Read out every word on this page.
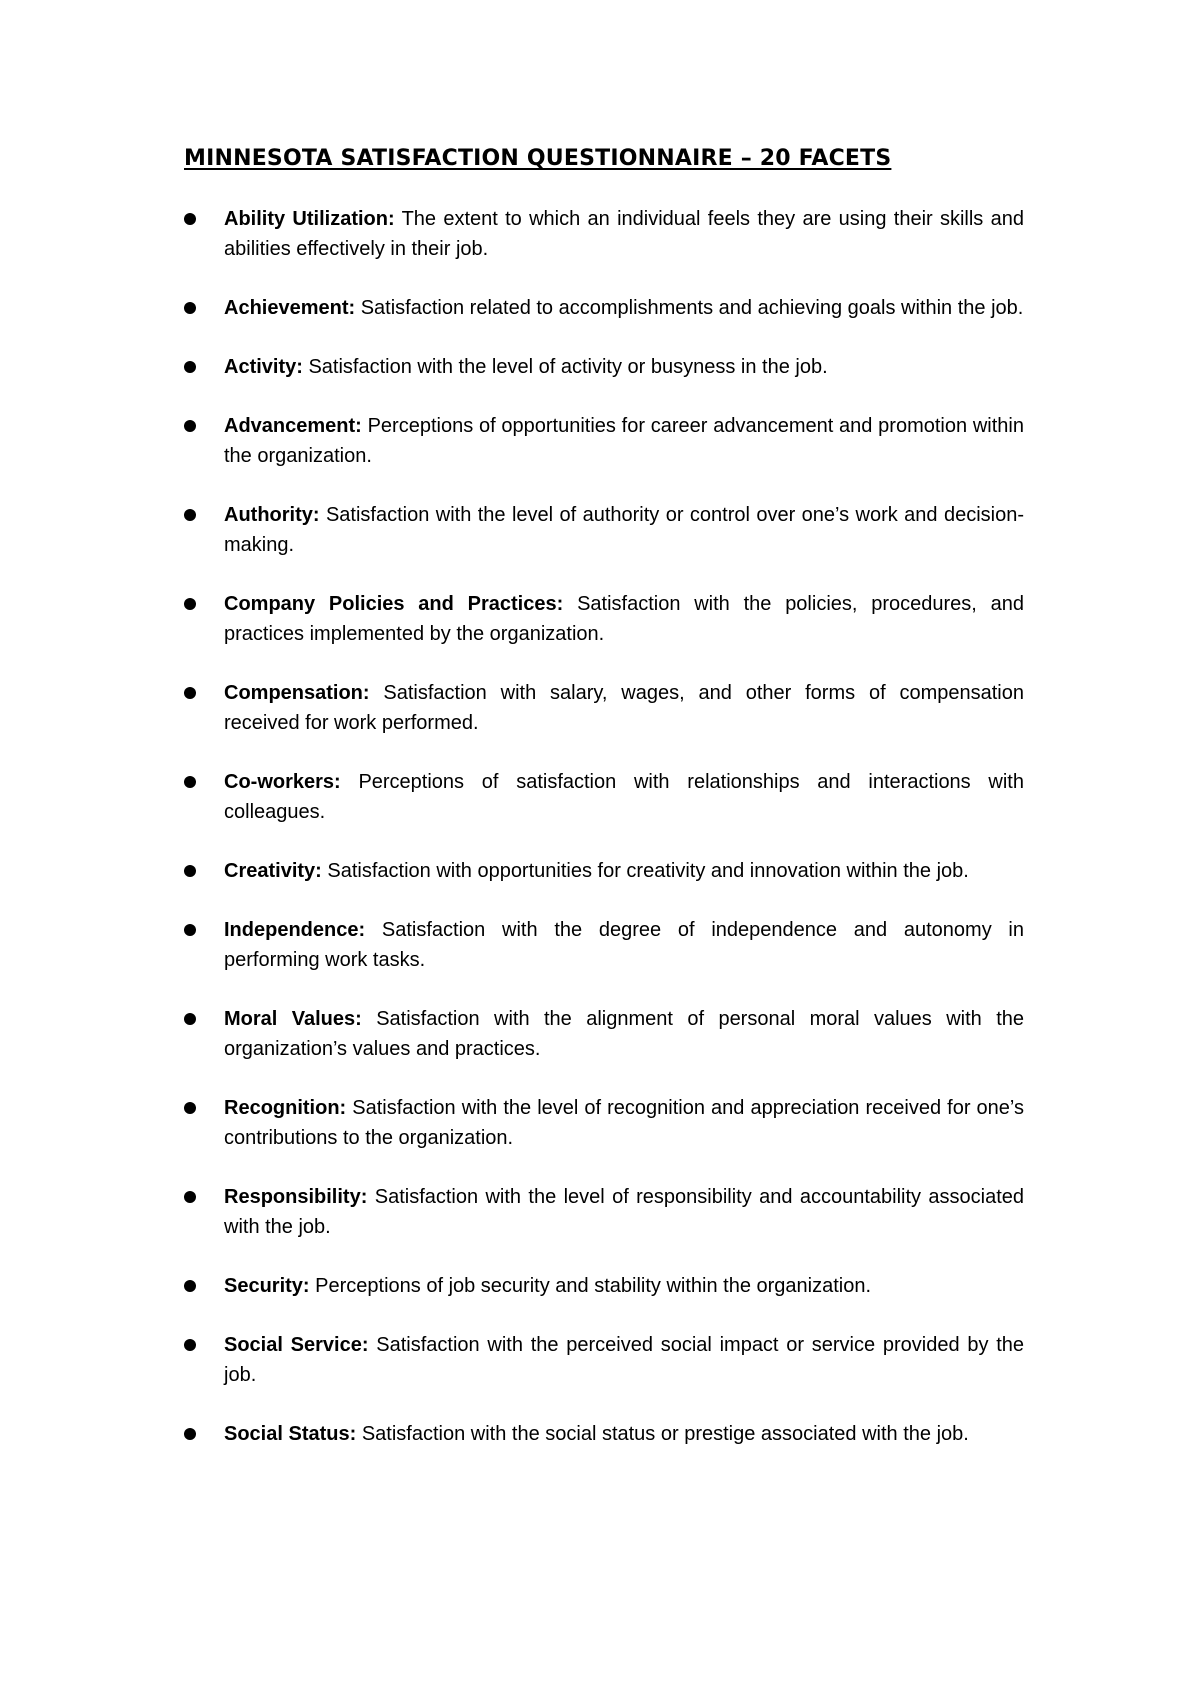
MINNESOTA SATISFACTION QUESTIONNAIRE – 20 FACETS
Ability Utilization: The extent to which an individual feels they are using their skills and abilities effectively in their job.
Achievement: Satisfaction related to accomplishments and achieving goals within the job.
Activity: Satisfaction with the level of activity or busyness in the job.
Advancement: Perceptions of opportunities for career advancement and promotion within the organization.
Authority: Satisfaction with the level of authority or control over one’s work and decision-making.
Company Policies and Practices: Satisfaction with the policies, procedures, and practices implemented by the organization.
Compensation: Satisfaction with salary, wages, and other forms of compensation received for work performed.
Co-workers: Perceptions of satisfaction with relationships and interactions with colleagues.
Creativity: Satisfaction with opportunities for creativity and innovation within the job.
Independence: Satisfaction with the degree of independence and autonomy in performing work tasks.
Moral Values: Satisfaction with the alignment of personal moral values with the organization’s values and practices.
Recognition: Satisfaction with the level of recognition and appreciation received for one’s contributions to the organization.
Responsibility: Satisfaction with the level of responsibility and accountability associated with the job.
Security: Perceptions of job security and stability within the organization.
Social Service: Satisfaction with the perceived social impact or service provided by the job.
Social Status: Satisfaction with the social status or prestige associated with the job.
